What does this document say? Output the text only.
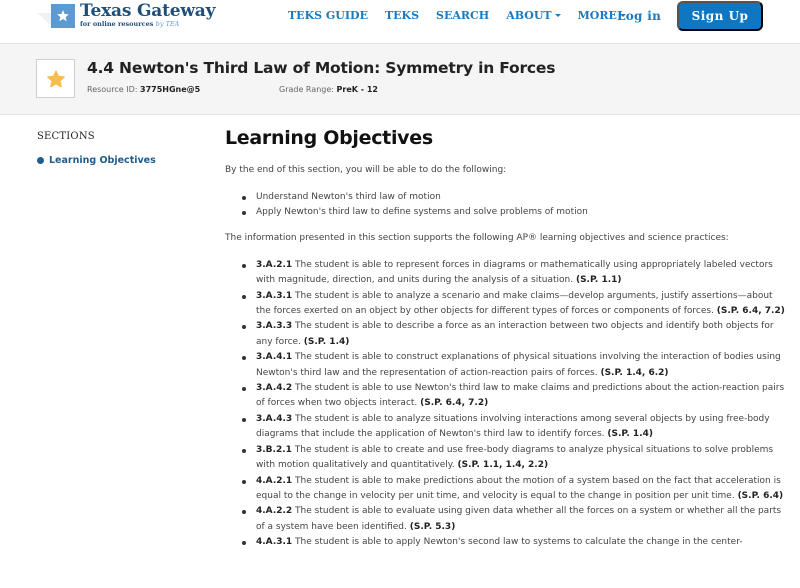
Texas Gateway
for online resources by TEA
TEKS GUIDE TEKS SEARCH ABOUT MORE Log in	Sign Up
4.4 Newton's Third Law of Motion: Symmetry in Forces
Resource ID: 3775HGne@5	Grade Range: PreK - 12
SECTIONS
Learning Objectives
Learning Objectives

By the end of this section, you will be able to do the following:

Understand Newton's third law of motion
Apply Newton's third law to define systems and solve problems of motion

The information presented in this section supports the following AP® learning objectives and science practices:

3.A.2.1 The student is able to represent forces in diagrams or mathematically using appropriately labeled vectors with magnitude, direction, and units during the analysis of a situation. (S.P. 1.1)
3.A.3.1 The student is able to analyze a scenario and make claims—develop arguments, justify assertions—about the forces exerted on an object by other objects for different types of forces or components of forces. (S.P. 6.4, 7.2)
3.A.3.3 The student is able to describe a force as an interaction between two objects and identify both objects for any force. (S.P. 1.4)
3.A.4.1 The student is able to construct explanations of physical situations involving the interaction of bodies using Newton's third law and the representation of action-reaction pairs of forces. (S.P. 1.4, 6.2)
3.A.4.2 The student is able to use Newton's third law to make claims and predictions about the action-reaction pairs of forces when two objects interact. (S.P. 6.4, 7.2)
3.A.4.3 The student is able to analyze situations involving interactions among several objects by using free-body diagrams that include the application of Newton's third law to identify forces. (S.P. 1.4)
3.B.2.1 The student is able to create and use free-body diagrams to analyze physical situations to solve problems with motion qualitatively and quantitatively. (S.P. 1.1, 1.4, 2.2)
4.A.2.1 The student is able to make predictions about the motion of a system based on the fact that acceleration is equal to the change in velocity per unit time, and velocity is equal to the change in position per unit time. (S.P. 6.4)
4.A.2.2 The student is able to evaluate using given data whether all the forces on a system or whether all the parts of a system have been identified. (S.P. 5.3)
4.A.3.1 The student is able to apply Newton's second law to systems to calculate the change in the center-
